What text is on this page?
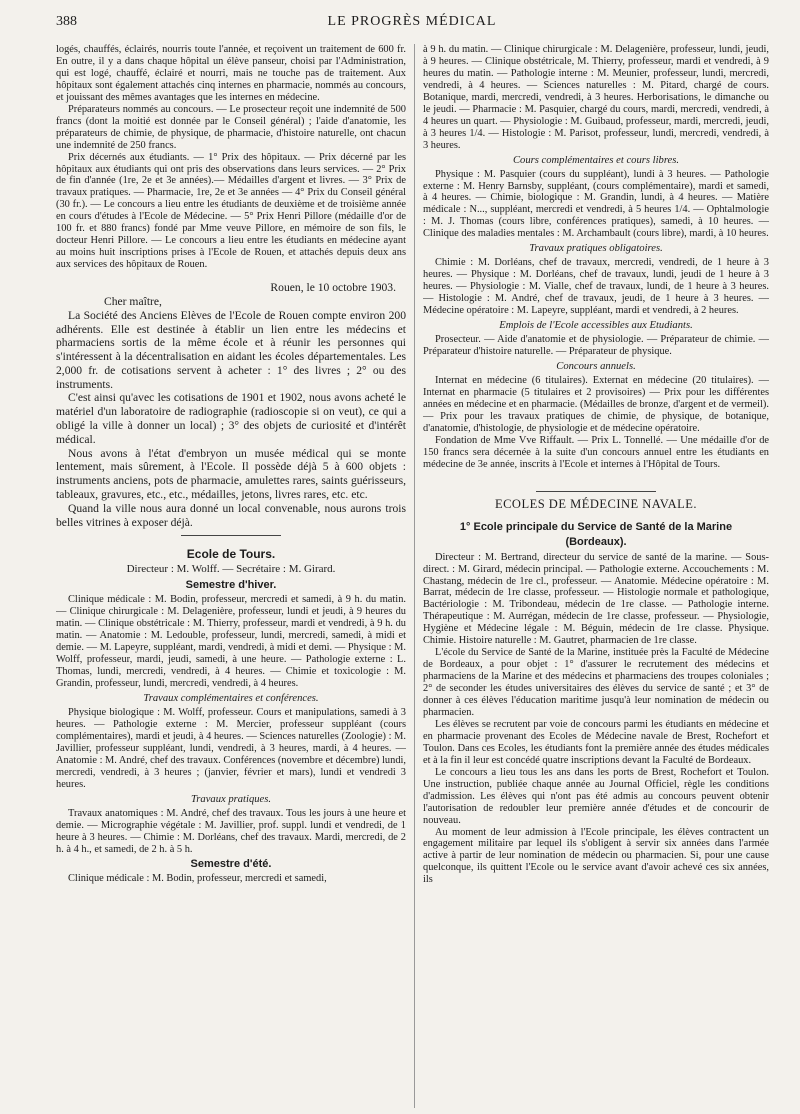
388	LE PROGRÈS MÉDICAL

logés, chauffés, éclairés, nourris toute l'année, et reçoivent un traitement de 600 fr. En outre, il y a dans chaque hôpital un élève panseur, choisi par l'Administration, qui est logé, chauffé, éclairé et nourri, mais ne touche pas de traitement. Aux hôpitaux sont également attachés cinq internes en pharmacie, nommés au concours, et jouissant des mêmes avantages que les internes en médecine.

Préparateurs nommés au concours. — Le prosecteur reçoit une indemnité de 500 francs (dont la moitié est donnée par le Conseil général) ; l'aide d'anatomie, les préparateurs de chimie, de physique, de pharmacie, d'histoire naturelle, ont chacun une indemnité de 250 francs.

Prix décernés aux étudiants. — 1° Prix des hôpitaux. — Prix décerné par les hôpitaux aux étudiants qui ont pris des observations dans leurs services. — 2° Prix de fin d'année (1re, 2e et 3e années).— Médailles d'argent et livres. — 3° Prix de travaux pratiques. — Pharmacie, 1re, 2e et 3e années — 4° Prix du Conseil général (30 fr.). — Le concours a lieu entre les étudiants de deuxième et de troisième année en cours d'études à l'Ecole de Médecine. — 5° Prix Henri Pillore (médaille d'or de 100 fr. et 880 francs) fondé par Mme veuve Pillore, en mémoire de son fils, le docteur Henri Pillore. — Le concours a lieu entre les étudiants en médecine ayant au moins huit inscriptions prises à l'Ecole de Rouen, et attachés depuis deux ans aux services des hôpitaux de Rouen.

Rouen, le 10 octobre 1903.

Cher maître,

La Société des Anciens Elèves de l'Ecole de Rouen compte environ 200 adhérents. Elle est destinée à établir un lien entre les médecins et pharmaciens sortis de la même école et à réunir les personnes qui s'intéressent à la décentralisation en aidant les écoles départementales. Les 2,000 fr. de cotisations servent à acheter : 1° des livres ; 2° ou des instruments.

C'est ainsi qu'avec les cotisations de 1901 et 1902, nous avons acheté le matériel d'un laboratoire de radiographie (radioscopie si on veut), ce qui a obligé la ville à donner un local) ; 3° des objets de curiosité et d'intérêt médical.

Nous avons à l'état d'embryon un musée médical qui se monte lentement, mais sûrement, à l'Ecole. Il possède déjà 5 à 600 objets : instruments anciens, pots de pharmacie, amulettes rares, saints guérisseurs, tableaux, gravures, etc., etc., médailles, jetons, livres rares, etc. etc.

Quand la ville nous aura donné un local convenable, nous aurons trois belles vitrines à exposer déjà.

Ecole de Tours.
Directeur : M. Wolff. — Secrétaire : M. Girard.
Semestre d'hiver.

Clinique médicale : M. Bodin, professeur, mercredi et samedi, à 9 h. du matin. — Clinique chirurgicale : M. Delagenière, professeur, lundi et jeudi, à 9 heures du matin. — Clinique obstétricale : M. Thierry, professeur, mardi et vendredi, à 9 h. du matin. — Anatomie : M. Ledouble, professeur, lundi, mercredi, samedi, à midi et demie. — M. Lapeyre, suppléant, mardi, vendredi, à midi et demi. — Physique : M. Wolff, professeur, mardi, jeudi, samedi, à une heure. — Pathologie externe : L. Thomas, lundi, mercredi, vendredi, à 4 heures. — Chimie et toxicologie : M. Grandin, professeur, lundi, mercredi, vendredi, à 4 heures.

Travaux complémentaires et conférences.

Physique biologique : M. Wolff, professeur. Cours et manipulations, samedi à 3 heures. — Pathologie externe : M. Mercier, professeur suppléant (cours complémentaires), mardi et jeudi, à 4 heures. — Sciences naturelles (Zoologie) : M. Javillier, professeur suppléant, lundi, vendredi, à 3 heures, mardi, à 4 heures. — Anatomie : M. André, chef des travaux. Conférences (novembre et décembre) lundi, mercredi, vendredi, à 3 heures ; (janvier, février et mars), lundi et vendredi 3 heures.

Travaux pratiques.

Travaux anatomiques : M. André, chef des travaux. Tous les jours à une heure et demie. — Micrographie végétale : M. Javillier, prof. suppl. lundi et vendredi, de 1 heure à 3 heures. — Chimie : M. Dorléans, chef des travaux. Mardi, mercredi, de 2 h. à 4 h., et samedi, de 2 h. à 5 h.

Semestre d'été.

Clinique médicale : M. Bodin, professeur, mercredi et samedi,

à 9 h. du matin. — Clinique chirurgicale : M. Delagenière, professeur, lundi, jeudi, à 9 heures. — Clinique obstétricale, M. Thierry, professeur, mardi et vendredi, à 9 heures du matin. — Pathologie interne : M. Meunier, professeur, lundi, mercredi, vendredi, à 4 heures. — Sciences naturelles : M. Pitard, chargé de cours. Botanique, mardi, mercredi, vendredi, à 3 heures. Herborisations, le dimanche ou le jeudi. — Pharmacie : M. Pasquier, chargé du cours, mardi, mercredi, vendredi, à 4 heures un quart. — Physiologie : M. Guibaud, professeur, mardi, mercredi, jeudi, à 3 heures 1/4. — Histologie : M. Parisot, professeur, lundi, mercredi, vendredi, à 3 heures.

Cours complémentaires et cours libres.

Physique : M. Pasquier (cours du suppléant), lundi à 3 heures. — Pathologie externe : M. Henry Barnsby, suppléant, (cours complémentaire), mardi et samedi, à 4 heures. — Chimie, biologique : M. Grandin, lundi, à 4 heures. — Matière médicale : N..., suppléant, mercredi et vendredi, à 5 heures 1/4. — Ophtalmologie : M. J. Thomas (cours libre, conférences pratiques), samedi, à 10 heures. — Clinique des maladies mentales : M. Archambault (cours libre), mardi, à 10 heures.

Travaux pratiques obligatoires.

Chimie : M. Dorléans, chef de travaux, mercredi, vendredi, de 1 heure à 3 heures. — Physique : M. Dorléans, chef de travaux, lundi, jeudi de 1 heure à 3 heures. — Physiologie : M. Vialle, chef de travaux, lundi, de 1 heure à 3 heures. — Histologie : M. André, chef de travaux, jeudi, de 1 heure à 3 heures. — Médecine opératoire : M. Lapeyre, suppléant, mardi et vendredi, à 2 heures.

Emplois de l'Ecole accessibles aux Etudiants.

Prosecteur. — Aide d'anatomie et de physiologie. — Préparateur de chimie. — Préparateur d'histoire naturelle. — Préparateur de physique.

Concours annuels.

Internat en médecine (6 titulaires). Externat en médecine (20 titulaires). — Internat en pharmacie (5 titulaires et 2 provisoires) — Prix pour les différentes années en médecine et en pharmacie. (Médailles de bronze, d'argent et de vermeil). — Prix pour les travaux pratiques de chimie, de physique, de botanique, d'anatomie, d'histologie, de physiologie et de médecine opératoire.

Fondation de Mme Vve Riffault. — Prix L. Tonnellé. — Une médaille d'or de 150 francs sera décernée à la suite d'un concours annuel entre les étudiants en médecine de 3e année, inscrits à l'Ecole et internes à l'Hôpital de Tours.

ECOLES DE MÉDECINE NAVALE.
1° Ecole principale du Service de Santé de la Marine
(Bordeaux).

Directeur : M. Bertrand, directeur du service de santé de la marine. — Sous-direct. : M. Girard, médecin principal. — Pathologie externe. Accouchements : M. Chastang, médecin de 1re cl., professeur. — Anatomie. Médecine opératoire : M. Barrat, médecin de 1re classe, professeur. — Histologie normale et pathologique, Bactériologie : M. Tribondeau, médecin de 1re classe. — Pathologie interne. Thérapeutique : M. Aurrégan, médecin de 1re classe, professeur. — Physiologie, Hygiène et Médecine légale : M. Béguin, médecin de 1re classe. Physique. Chimie. Histoire naturelle : M. Gautret, pharmacien de 1re classe.

L'école du Service de Santé de la Marine, instituée près la Faculté de Médecine de Bordeaux, a pour objet : 1° d'assurer le recrutement des médecins et pharmaciens de la Marine et des médecins et pharmaciens des troupes coloniales ; 2° de seconder les études universitaires des élèves du service de santé ; et 3° de donner à ces élèves l'éducation maritime jusqu'à leur nomination de médecin ou pharmacien.

Les élèves se recrutent par voie de concours parmi les étudiants en médecine et en pharmacie provenant des Ecoles de Médecine navale de Brest, Rochefort et Toulon. Dans ces Ecoles, les étudiants font la première année des études médicales et à la fin il leur est concédé quatre inscriptions devant la Faculté de Bordeaux.

Le concours a lieu tous les ans dans les ports de Brest, Rochefort et Toulon. Une instruction, publiée chaque année au Journal Officiel, règle les conditions d'admission. Les élèves qui n'ont pas été admis au concours peuvent obtenir l'autorisation de redoubler leur première année d'études et de concourir de nouveau.

Au moment de leur admission à l'Ecole principale, les élèves contractent un engagement militaire par lequel ils s'obligent à servir six années dans l'armée active à partir de leur nomination de médecin ou pharmacien. Si, pour une cause quelconque, ils quittent l'Ecole ou le service avant d'avoir achevé ces six années, ils
